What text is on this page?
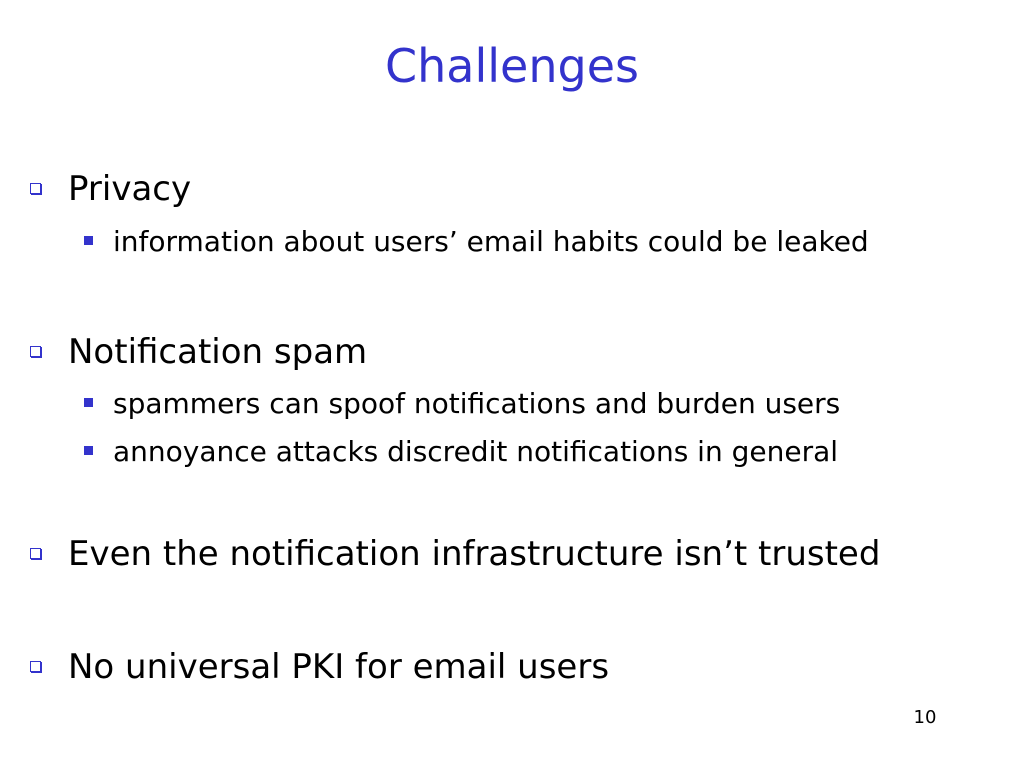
Challenges
Privacy
information about users’ email habits could be leaked
Notification spam
spammers can spoof notifications and burden users
annoyance attacks discredit notifications in general
Even the notification infrastructure isn’t trusted
No universal PKI for email users
10
